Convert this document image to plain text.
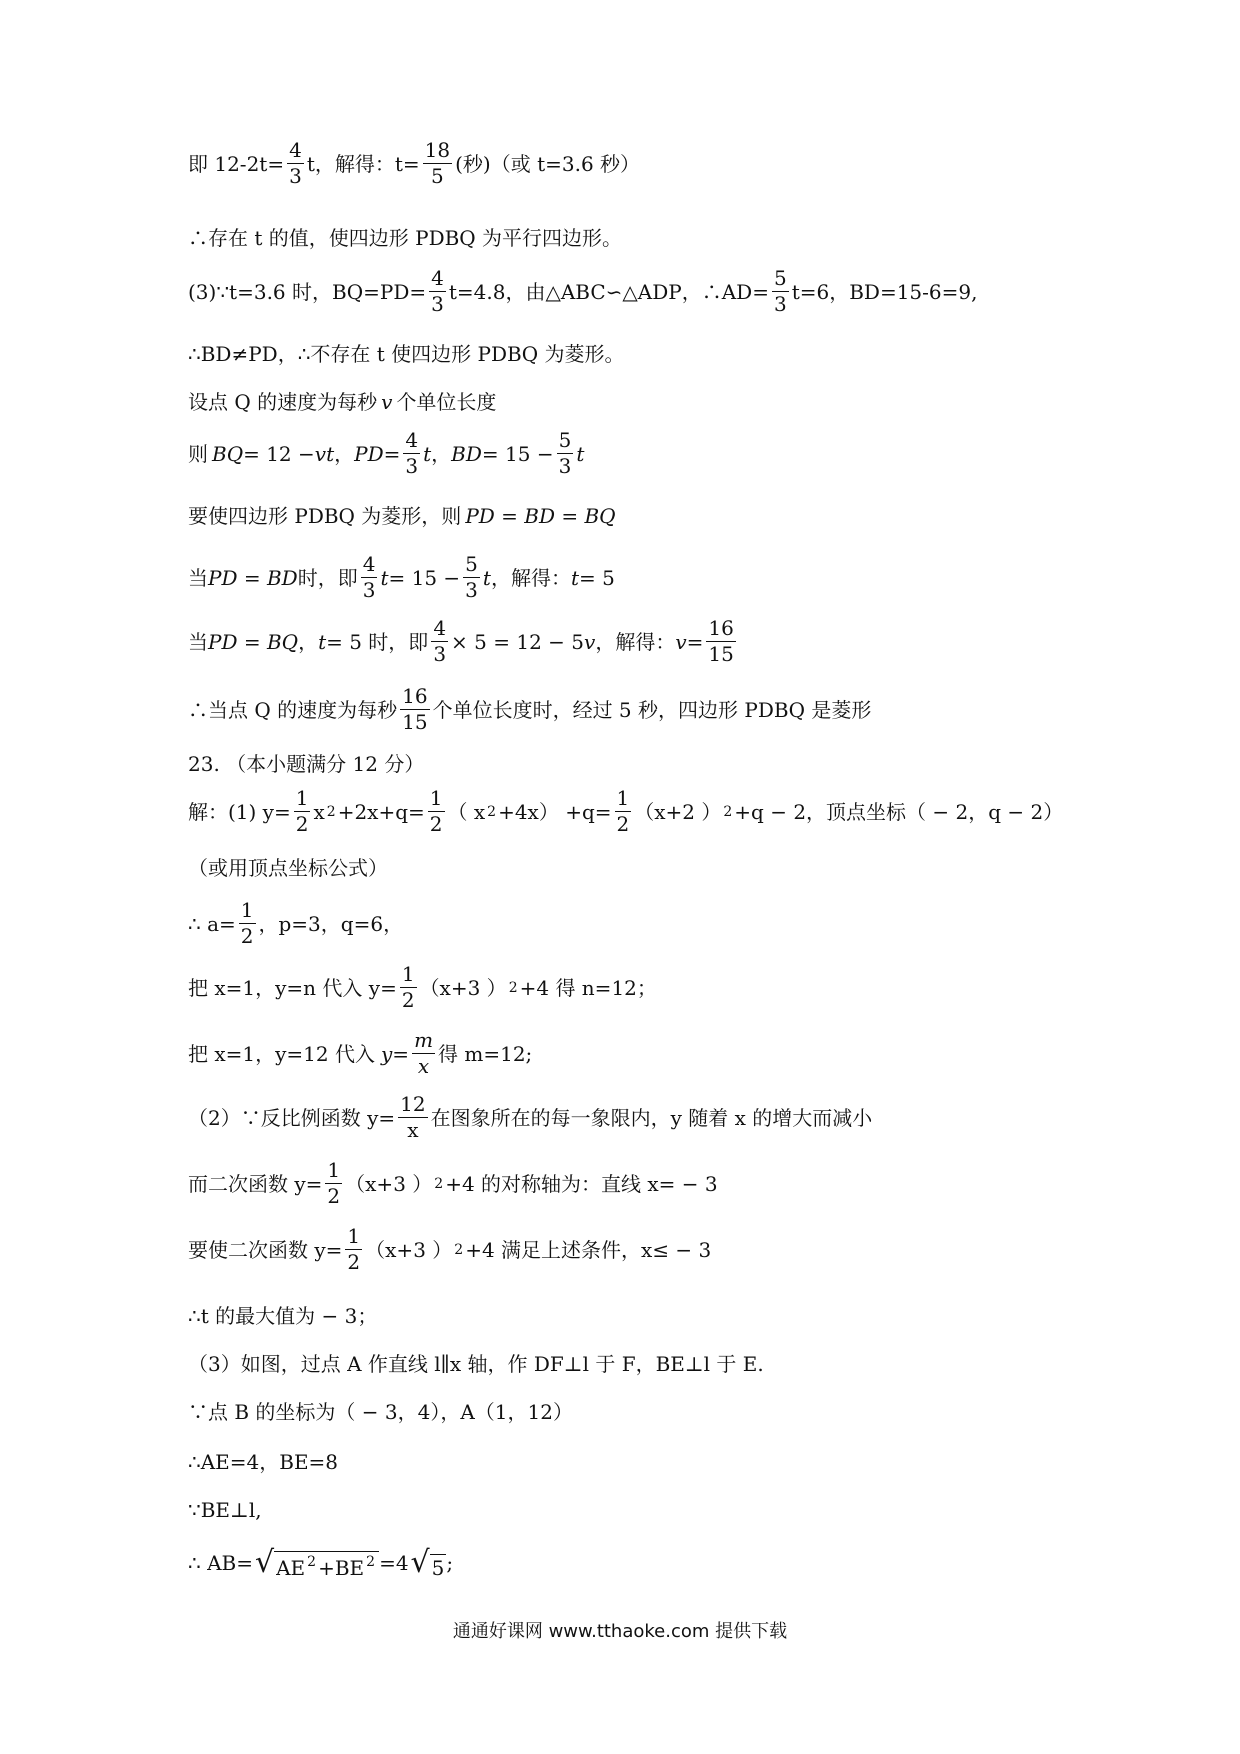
即 $12-2t= \frac{4}{3}$ t，解得：$t= \frac{18}{5}$ (秒)（或 t=3.6 秒）
∴存在 t 的值，使四边形 PDBQ 为平行四边形。
(3)∵t=3.6 时，$BQ=PD= \frac{4}{3} t=4.8$，由△ABC∽△ADP，∴AD= $\frac{5}{3} t=6$，BD=15-6=9,
∴BD≠PD，∴不存在 t 使四边形 PDBQ 为菱形。
设点 Q 的速度为每秒 v 个单位长度
则 BQ = 12 − vt ， PD = $\frac{4}{3}$ t ， BD = $15 - \frac{5}{3}$ t
要使四边形 PDBQ 为菱形，则 PD = BD = BQ
当 PD = BD 时，即 $\frac{4}{3}$ $t = 15 - \frac{5}{3}$ t ，解得： t = 5
当 PD = BQ ， t = 5 时，即 $\frac{4}{3} \times 5 = 12 - 5$ v ，解得： $v = \frac{16}{15}$
∴当点 Q 的速度为每秒 $\frac{16}{15}$ 个单位长度时，经过 5 秒，四边形 PDBQ 是菱形
23. （本小题满分 12 分）
解：(1) $y= \frac{1}{2}$ x $2 +2x+q= \frac{1}{2}$ （ x $2 +4x) +q= \frac{1}{2} (x+2$ ） 2 +q − 2，顶点坐标（ − 2，q − 2）
（或用顶点坐标公式）
∴ $a= \frac{1}{2}$ ，p=3，q=6，
把 x=1，y=n 代入 $y= \frac{1}{2} (x+3$ ） 2 +4 得 n=12；
把 x=1，y=12 代入 $y = \frac{m}{x}$ 得 m=12;
（2）∵反比例函数 $y= \frac{12}{x}$ 在图象所在的每一象限内，y 随着 x 的增大而减小
而二次函数 $y= \frac{1}{2} (x+3$ ） 2 +4 的对称轴为：直线 x= − 3
要使二次函数 $y= \frac{1}{2} (x+3$ ） 2 +4 满足上述条件，x≤ − 3
∴t 的最大值为 − 3；
（3）如图，过点 A 作直线 l∥x 轴，作 DF⊥l 于 F，BE⊥l 于 E.
∵点 B 的坐标为（ − 3，4），A（1，12）
∴AE=4，BE=8
∵BE⊥l,
∴ AB= √ AE $^2$ +BE $^2$ =4 √ 5 ;
通通好课网 www.tthaoke.com 提供下载
